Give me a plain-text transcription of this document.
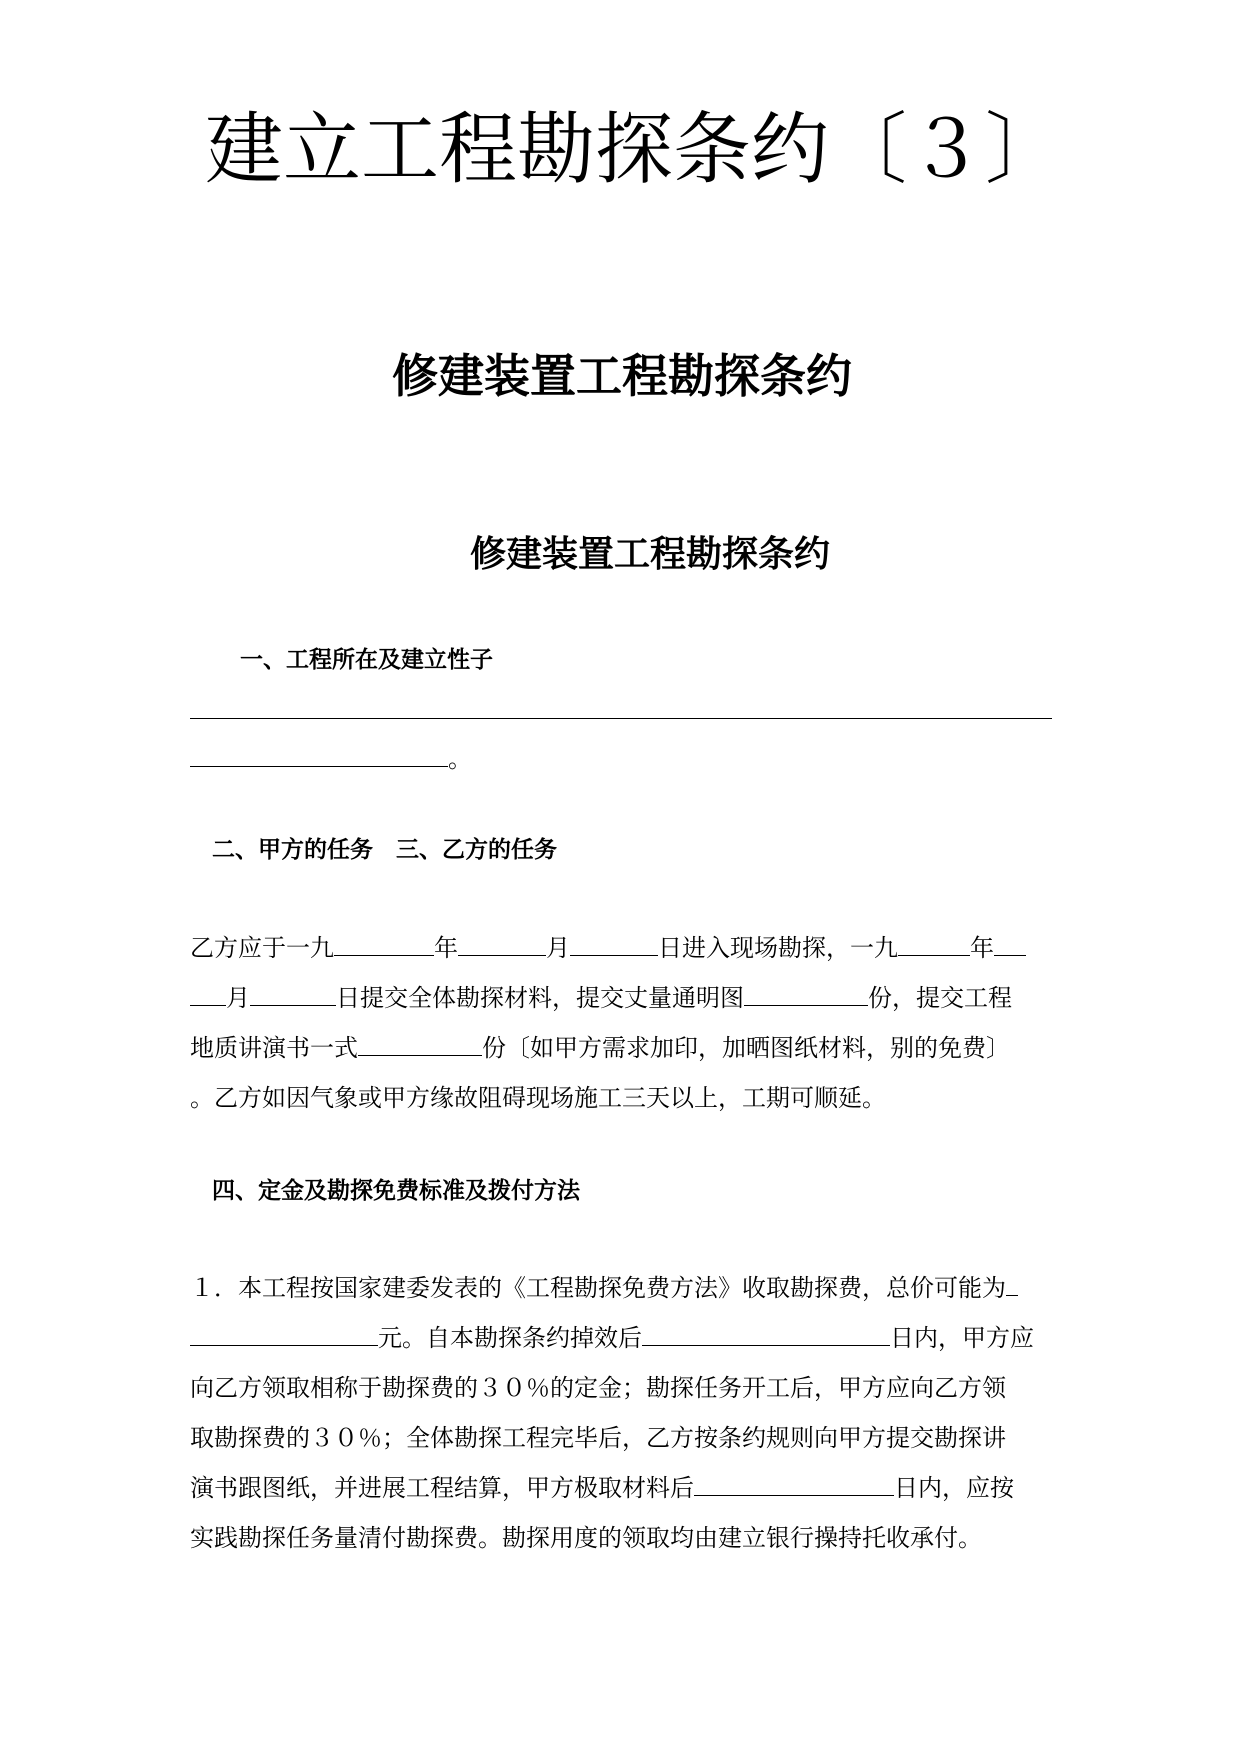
建立工程勘探条约〔３〕
修建装置工程勘探条约
修建装置工程勘探条约
一、工程所在及建立性子
。
二、甲方的任务　三、乙方的任务
乙方应于一九	年	月	日进入现场勘探，一九	年
月	日提交全体勘探材料，提交丈量通明图	份，提交工程
地质讲演书一式	份〔如甲方需求加印，加晒图纸材料，别的免费〕
。乙方如因气象或甲方缘故阻碍现场施工三天以上，工期可顺延。
四、定金及勘探免费标准及拨付方法
１．本工程按国家建委发表的《工程勘探免费方法》收取勘探费，总价可能为
元。自本勘探条约掉效后	日内，甲方应
向乙方领取相称于勘探费的３０％的定金；勘探任务开工后，甲方应向乙方领
取勘探费的３０％；全体勘探工程完毕后，乙方按条约规则向甲方提交勘探讲
演书跟图纸，并进展工程结算，甲方极取材料后	日内，应按
实践勘探任务量清付勘探费。勘探用度的领取均由建立银行操持托收承付。
